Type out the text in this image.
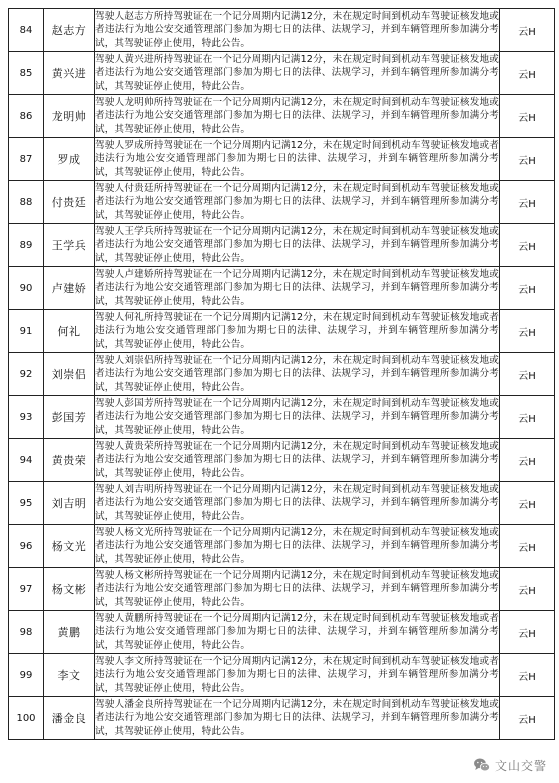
84	赵志方	驾驶人赵志方所持驾驶证在一个记分周期内记满12分，未在规定时间到机动车驾驶证核发地或者违法行为地公安交通管理部门参加为期七日的法律、法规学习，并到车辆管理所参加满分考试，其驾驶证停止使用，特此公告。	云H
85	黄兴进	驾驶人黄兴进所持驾驶证在一个记分周期内记满12分，未在规定时间到机动车驾驶证核发地或者违法行为地公安交通管理部门参加为期七日的法律、法规学习，并到车辆管理所参加满分考试，其驾驶证停止使用，特此公告。	云H
86	龙明帅	驾驶人龙明帅所持驾驶证在一个记分周期内记满12分，未在规定时间到机动车驾驶证核发地或者违法行为地公安交通管理部门参加为期七日的法律、法规学习，并到车辆管理所参加满分考试，其驾驶证停止使用，特此公告。	云H
87	罗成	驾驶人罗成所持驾驶证在一个记分周期内记满12分，未在规定时间到机动车驾驶证核发地或者违法行为地公安交通管理部门参加为期七日的法律、法规学习，并到车辆管理所参加满分考试，其驾驶证停止使用，特此公告。	云H
88	付贵廷	驾驶人付贵廷所持驾驶证在一个记分周期内记满12分，未在规定时间到机动车驾驶证核发地或者违法行为地公安交通管理部门参加为期七日的法律、法规学习，并到车辆管理所参加满分考试，其驾驶证停止使用，特此公告。	云H
89	王学兵	驾驶人王学兵所持驾驶证在一个记分周期内记满12分，未在规定时间到机动车驾驶证核发地或者违法行为地公安交通管理部门参加为期七日的法律、法规学习，并到车辆管理所参加满分考试，其驾驶证停止使用，特此公告。	云H
90	卢建娇	驾驶人卢建娇所持驾驶证在一个记分周期内记满12分，未在规定时间到机动车驾驶证核发地或者违法行为地公安交通管理部门参加为期七日的法律、法规学习，并到车辆管理所参加满分考试，其驾驶证停止使用，特此公告。	云H
91	何礼	驾驶人何礼所持驾驶证在一个记分周期内记满12分，未在规定时间到机动车驾驶证核发地或者违法行为地公安交通管理部门参加为期七日的法律、法规学习，并到车辆管理所参加满分考试，其驾驶证停止使用，特此公告。	云H
92	刘崇侣	驾驶人刘崇侣所持驾驶证在一个记分周期内记满12分，未在规定时间到机动车驾驶证核发地或者违法行为地公安交通管理部门参加为期七日的法律、法规学习，并到车辆管理所参加满分考试，其驾驶证停止使用，特此公告。	云H
93	彭国芳	驾驶人彭国芳所持驾驶证在一个记分周期内记满12分，未在规定时间到机动车驾驶证核发地或者违法行为地公安交通管理部门参加为期七日的法律、法规学习，并到车辆管理所参加满分考试，其驾驶证停止使用，特此公告。	云H
94	黄贵荣	驾驶人黄贵荣所持驾驶证在一个记分周期内记满12分，未在规定时间到机动车驾驶证核发地或者违法行为地公安交通管理部门参加为期七日的法律、法规学习，并到车辆管理所参加满分考试，其驾驶证停止使用，特此公告。	云H
95	刘吉明	驾驶人刘吉明所持驾驶证在一个记分周期内记满12分，未在规定时间到机动车驾驶证核发地或者违法行为地公安交通管理部门参加为期七日的法律、法规学习，并到车辆管理所参加满分考试，其驾驶证停止使用，特此公告。	云H
96	杨文光	驾驶人杨文光所持驾驶证在一个记分周期内记满12分，未在规定时间到机动车驾驶证核发地或者违法行为地公安交通管理部门参加为期七日的法律、法规学习，并到车辆管理所参加满分考试，其驾驶证停止使用，特此公告。	云H
97	杨文彬	驾驶人杨文彬所持驾驶证在一个记分周期内记满12分，未在规定时间到机动车驾驶证核发地或者违法行为地公安交通管理部门参加为期七日的法律、法规学习，并到车辆管理所参加满分考试，其驾驶证停止使用，特此公告。	云H
98	黄鹏	驾驶人黄鹏所持驾驶证在一个记分周期内记满12分，未在规定时间到机动车驾驶证核发地或者违法行为地公安交通管理部门参加为期七日的法律、法规学习，并到车辆管理所参加满分考试，其驾驶证停止使用，特此公告。	云H
99	李文	驾驶人李文所持驾驶证在一个记分周期内记满12分，未在规定时间到机动车驾驶证核发地或者违法行为地公安交通管理部门参加为期七日的法律、法规学习，并到车辆管理所参加满分考试，其驾驶证停止使用，特此公告。	云H
100	潘金良	驾驶人潘金良所持驾驶证在一个记分周期内记满12分，未在规定时间到机动车驾驶证核发地或者违法行为地公安交通管理部门参加为期七日的法律、法规学习，并到车辆管理所参加满分考试，其驾驶证停止使用，特此公告。	云H
文山交警
